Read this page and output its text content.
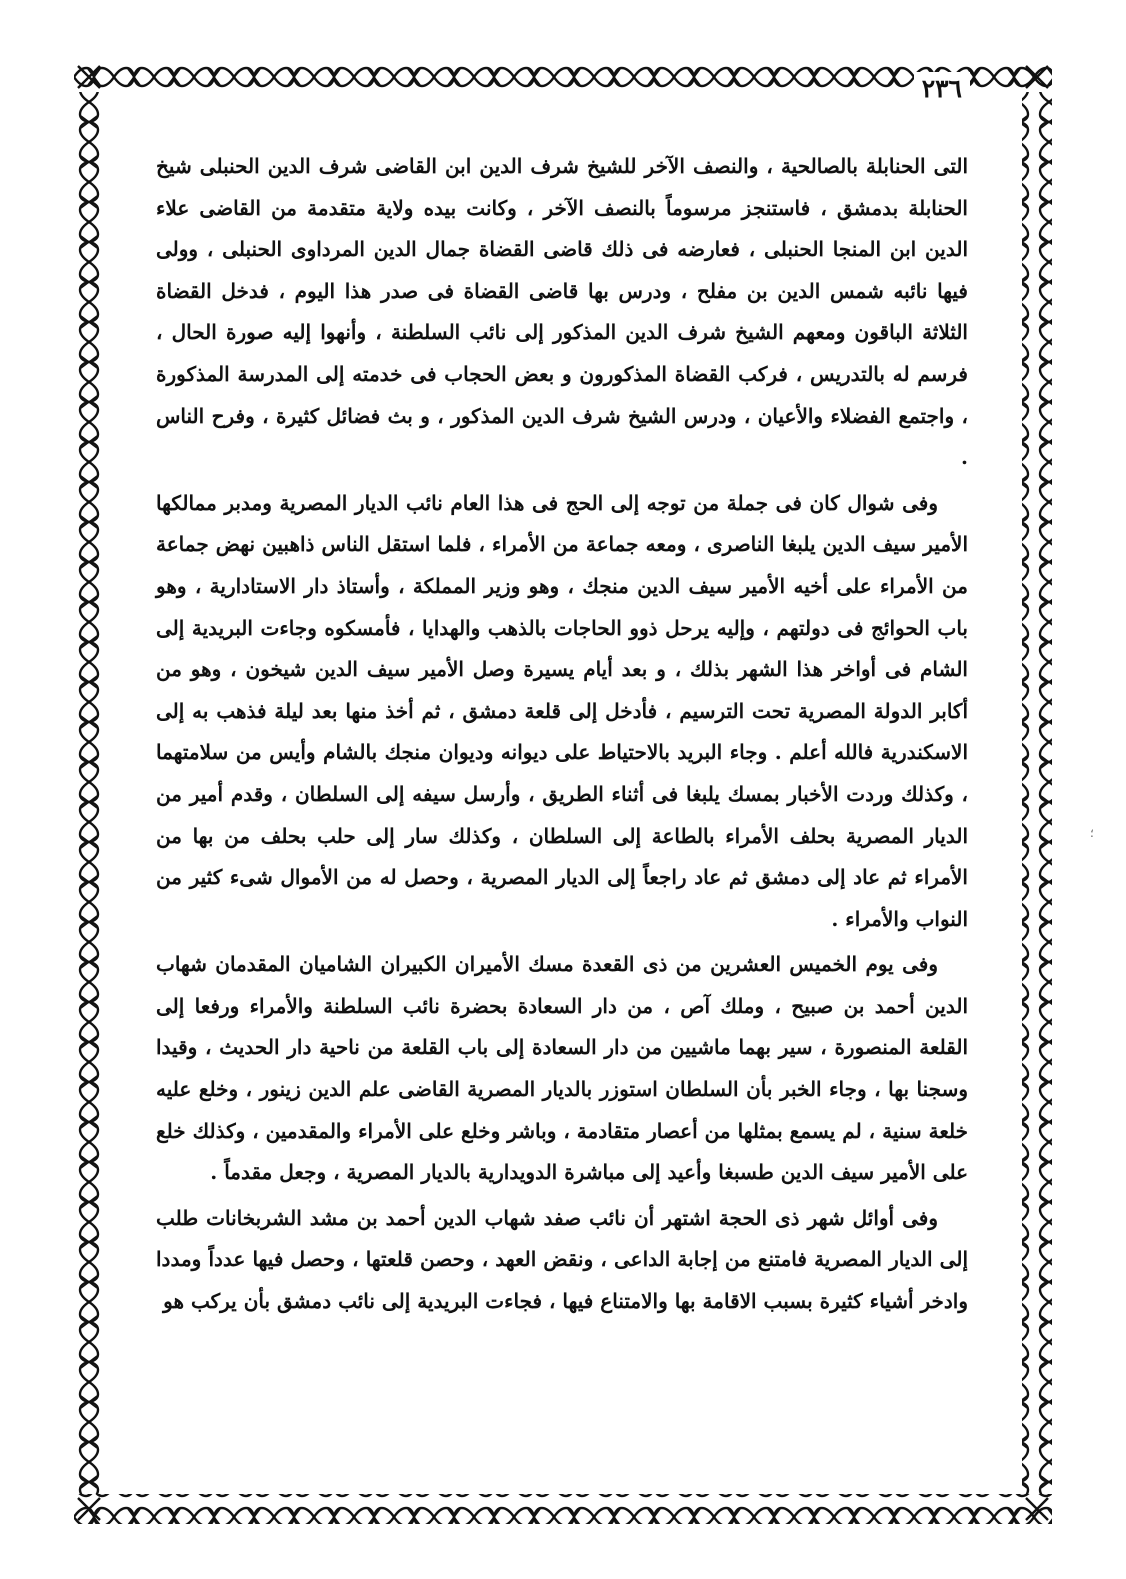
٢٣٦

التى الحنابلة بالصالحية ، والنصف الآخر للشيخ شرف الدين ابن القاضى شرف الدين الحنبلى شيخ الحنابلة بدمشق ، فاستنجز مرسوماً بالنصف الآخر ، وكانت بيده ولاية متقدمة من القاضى علاء الدين ابن المنجا الحنبلى ، فعارضه فى ذلك قاضى القضاة جمال الدين المرداوى الحنبلى ، وولى فيها نائبه شمس الدين بن مفلح ، ودرس بها قاضى القضاة فى صدر هذا اليوم ، فدخل القضاة الثلاثة الباقون ومعهم الشيخ شرف الدين المذكور إلى نائب السلطنة ، وأنهوا إليه صورة الحال ، فرسم له بالتدريس ، فركب القضاة المذكورون و بعض الحجاب فى خدمته إلى المدرسة المذكورة ، واجتمع الفضلاء والأعيان ، ودرس الشيخ شرف الدين المذكور ، و بث فضائل كثيرة ، وفرح الناس .

وفى شوال كان فى جملة من توجه إلى الحج فى هذا العام نائب الديار المصرية ومدبر ممالكها الأمير سيف الدين يلبغا الناصرى ، ومعه جماعة من الأمراء ، فلما استقل الناس ذاهبين نهض جماعة من الأمراء على أخيه الأمير سيف الدين منجك ، وهو وزير المملكة ، وأستاذ دار الاستادارية ، وهو باب الحوائج فى دولتهم ، وإليه يرحل ذوو الحاجات بالذهب والهدايا ، فأمسكوه وجاءت البريدية إلى الشام فى أواخر هذا الشهر بذلك ، و بعد أيام يسيرة وصل الأمير سيف الدين شيخون ، وهو من أكابر الدولة المصرية تحت الترسيم ، فأدخل إلى قلعة دمشق ، ثم أخذ منها بعد ليلة فذهب به إلى الاسكندرية فالله أعلم . وجاء البريد بالاحتياط على ديوانه وديوان منجك بالشام وأيس من سلامتهما ، وكذلك وردت الأخبار بمسك يلبغا فى أثناء الطريق ، وأرسل سيفه إلى السلطان ، وقدم أمير من الديار المصرية بحلف الأمراء بالطاعة إلى السلطان ، وكذلك سار إلى حلب بحلف من بها من الأمراء ثم عاد إلى دمشق ثم عاد راجعاً إلى الديار المصرية ، وحصل له من الأموال شىء كثير من النواب والأمراء .

وفى يوم الخميس العشرين من ذى القعدة مسك الأميران الكبيران الشاميان المقدمان شهاب الدين أحمد بن صبيح ، وملك آص ، من دار السعادة بحضرة نائب السلطنة والأمراء ورفعا إلى القلعة المنصورة ، سير بهما ماشيين من دار السعادة إلى باب القلعة من ناحية دار الحديث ، وقيدا وسجنا بها ، وجاء الخبر بأن السلطان استوزر بالديار المصرية القاضى علم الدين زينور ، وخلع عليه خلعة سنية ، لم يسمع بمثلها من أعصار متقادمة ، وباشر وخلع على الأمراء والمقدمين ، وكذلك خلع على الأمير سيف الدين طسبغا وأعيد إلى مباشرة الدويدارية بالديار المصرية ، وجعل مقدماً .

وفى أوائل شهر ذى الحجة اشتهر أن نائب صفد شهاب الدين أحمد بن مشد الشربخانات طلب إلى الديار المصرية فامتنع من إجابة الداعى ، ونقض العهد ، وحصن قلعتها ، وحصل فيها عدداً ومددا وادخر أشياء كثيرة بسبب الاقامة بها والامتناع فيها ، فجاءت البريدية إلى نائب دمشق بأن يركب هو

؛
